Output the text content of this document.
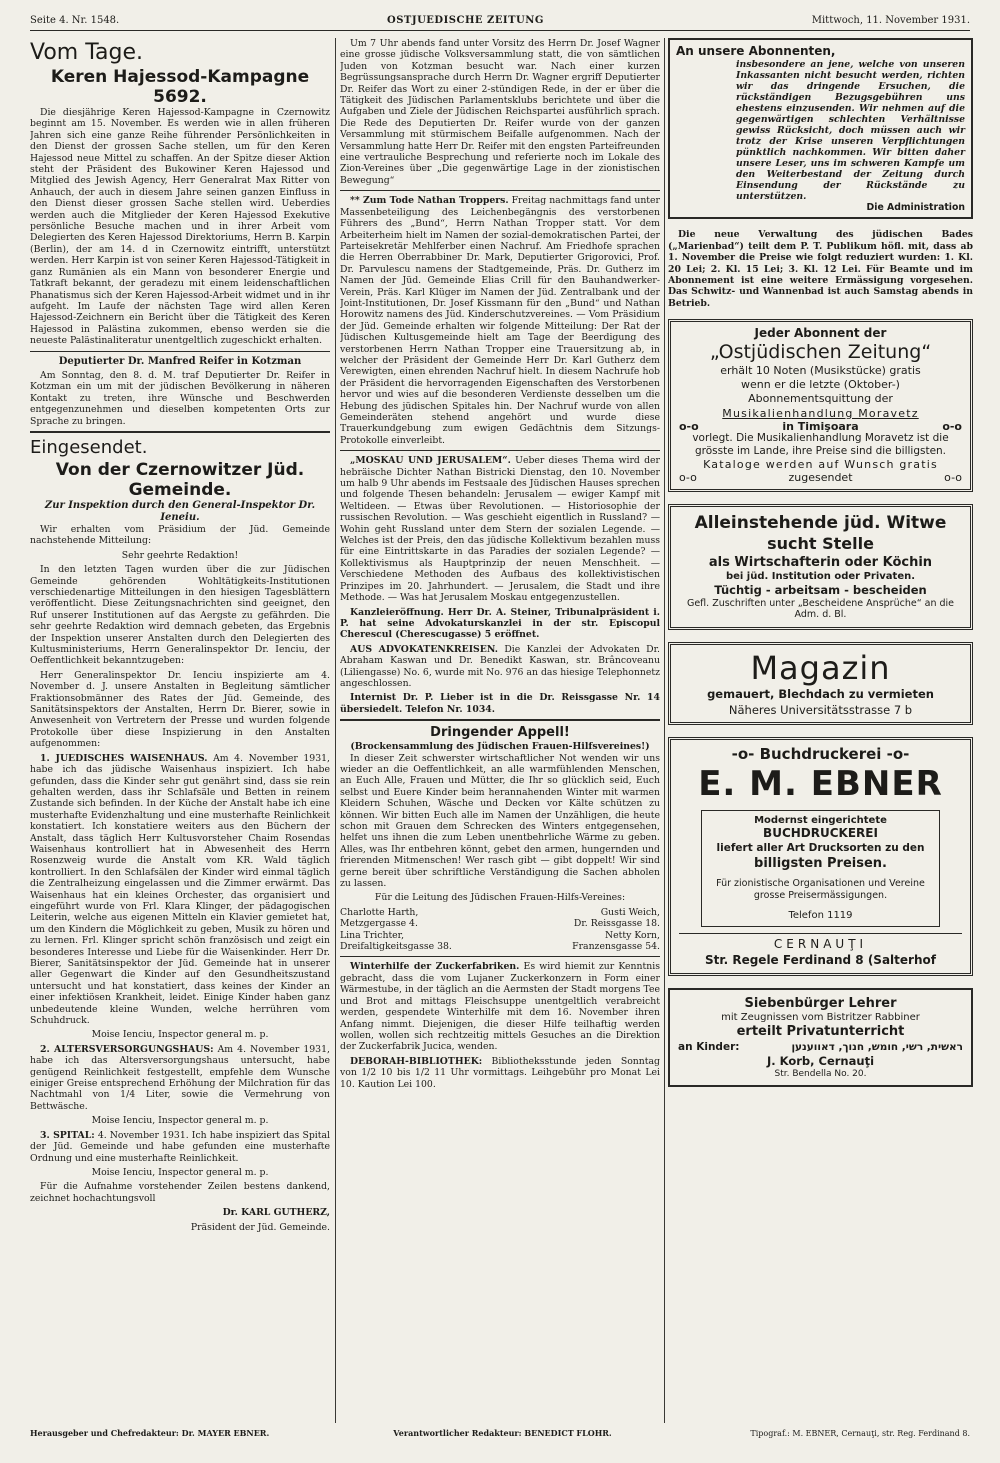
Seite 4. Nr. 1548.	OSTJUEDISCHE ZEITUNG	Mittwoch, 11. November 1931.
Vom Tage.
Keren Hajessod-Kampagne 5692.

Die diesjährige Keren Hajessod-Kampagne in Czernowitz beginnt am 15. November. Es werden wie in allen früheren Jahren sich eine ganze Reihe führender Persönlichkeiten in den Dienst der grossen Sache stellen, um für den Keren Hajessod neue Mittel zu schaffen. An der Spitze dieser Aktion steht der Präsident des Bukowiner Keren Hajessod und Mitglied des Jewish Agency, Herr Generalrat Max Ritter von Anhauch, der auch in diesem Jahre seinen ganzen Einfluss in den Dienst dieser grossen Sache stellen wird. Ueberdies werden auch die Mitglieder der Keren Hajessod Exekutive persönliche Besuche machen und in ihrer Arbeit vom Delegierten des Keren Hajessod Direktoriums, Herrn B. Karpin (Berlin), der am 14. d in Czernowitz eintrifft, unterstützt werden. Herr Karpin ist von seiner Keren Hajessod-Tätigkeit in ganz Rumänien als ein Mann von besonderer Energie und Tatkraft bekannt, der geradezu mit einem leidenschaftlichen Phanatismus sich der Keren Hajessod-Arbeit widmet und in ihr aufgeht. Im Laufe der nächsten Tage wird allen Keren Hajessod-Zeichnern ein Bericht über die Tätigkeit des Keren Hajessod in Palästina zukommen, ebenso werden sie die neueste Palästinaliteratur unentgeltlich zugeschickt erhalten.

Deputierter Dr. Manfred Reifer in Kotzman

Am Sonntag, den 8. d. M. traf Deputierter Dr. Reifer in Kotzman ein um mit der jüdischen Bevölkerung in näheren Kontakt zu treten, ihre Wünsche und Beschwerden entgegenzunehmen und dieselben kompetenten Orts zur Sprache zu bringen.

Eingesendet.
Von der Czernowitzer Jüd. Gemeinde.
Zur Inspektion durch den General-Inspektor Dr. Ieneiu.

Wir erhalten vom Präsidium der Jüd. Gemeinde nachstehende Mitteilung:

Sehr geehrte Redaktion!

In den letzten Tagen wurden über die zur Jüdischen Gemeinde gehörenden Wohltätigkeits-Institutionen verschiedenartige Mitteilungen in den hiesigen Tagesblättern veröffentlicht. Diese Zeitungsnachrichten sind geeignet, den Ruf unserer Institutionen auf das Aergste zu gefährden. Die sehr geehrte Redaktion wird demnach gebeten, das Ergebnis der Inspektion unserer Anstalten durch den Delegierten des Kultusministeriums, Herrn Generalinspektor Dr. Ienciu, der Oeffentlichkeit bekanntzugeben:

Herr Generalinspektor Dr. Ienciu inspizierte am 4. November d. J. unsere Anstalten in Begleitung sämtlicher Fraktionsobmänner des Rates der Jüd. Gemeinde, des Sanitätsinspektors der Anstalten, Herrn Dr. Bierer, sowie in Anwesenheit von Vertretern der Presse und wurden folgende Protokolle über diese Inspizierung in den Anstalten aufgenommen:

1. JUEDISCHES WAISENHAUS. Am 4. November 1931, habe ich das jüdische Waisenhaus inspiziert. Ich habe gefunden, dass die Kinder sehr gut genährt sind, dass sie rein gehalten werden, dass ihr Schlafsäle und Betten in reinem Zustande sich befinden. In der Küche der Anstalt habe ich eine musterhafte Evidenzhaltung und eine musterhafte Reinlichkeit konstatiert. Ich konstatiere weiters aus den Büchern der Anstalt, dass täglich Herr Kultusvorsteher Chaim Rosendas Waisenhaus kontrolliert hat in Abwesenheit des Herrn Rosenzweig wurde die Anstalt vom KR. Wald täglich kontrolliert. In den Schlafsälen der Kinder wird einmal täglich die Zentralheizung eingelassen und die Zimmer erwärmt. Das Waisenhaus hat ein kleines Orchester, das organisiert und eingeführt wurde von Frl. Klara Klinger, der pädagogischen Leiterin, welche aus eigenen Mitteln ein Klavier gemietet hat, um den Kindern die Möglichkeit zu geben, Musik zu hören und zu lernen. Frl. Klinger spricht schön französisch und zeigt ein besonderes Interesse und Liebe für die Waisenkinder. Herr Dr. Bierer, Sanitätsinspektor der Jüd. Gemeinde hat in unserer aller Gegenwart die Kinder auf den Gesundheitszustand untersucht und hat konstatiert, dass keines der Kinder an einer infektiösen Krankheit, leidet. Einige Kinder haben ganz unbedeutende kleine Wunden, welche herrühren vom Schuhdruck.

Moise Ienciu, Inspector general m. p.

2. ALTERSVERSORGUNGSHAUS: Am 4. November 1931, habe ich das Altersversorgungshaus untersucht, habe genügend Reinlichkeit festgestellt, empfehle dem Wunsche einiger Greise entsprechend Erhöhung der Milchration für das Nachtmahl von 1/4 Liter, sowie die Vermehrung von Bettwäsche.

Moise Ienciu, Inspector general m. p.

3. SPITAL: 4. November 1931. Ich habe inspiziert das Spital der Jüd. Gemeinde und habe gefunden eine musterhafte Ordnung und eine musterhafte Reinlichkeit.

Moise Ienciu, Inspector general m. p.

Für die Aufnahme vorstehender Zeilen bestens dankend, zeichnet hochachtungsvoll

Dr. KARL GUTHERZ,

Präsident der Jüd. Gemeinde.

Um 7 Uhr abends fand unter Vorsitz des Herrn Dr. Josef Wagner eine grosse jüdische Volksversammlung statt, die von sämtlichen Juden von Kotzman besucht war. Nach einer kurzen Begrüssungsansprache durch Herrn Dr. Wagner ergriff Deputierter Dr. Reifer das Wort zu einer 2-stündigen Rede, in der er über die Tätigkeit des Jüdischen Parlamentsklubs berichtete und über die Aufgaben und Ziele der Jüdischen Reichspartei ausführlich sprach. Die Rede des Deputierten Dr. Reifer wurde von der ganzen Versammlung mit stürmischem Beifalle aufgenommen. Nach der Versammlung hatte Herr Dr. Reifer mit den engsten Parteifreunden eine vertrauliche Besprechung und referierte noch im Lokale des Zion-Vereines über „Die gegenwärtige Lage in der zionistischen Bewegung“

** Zum Tode Nathan Troppers. Freitag nachmittags fand unter Massenbeteiligung des Leichenbegängnis des verstorbenen Führers des „Bund“, Herrn Nathan Tropper statt. Vor dem Arbeiterheim hielt im Namen der sozial-demokratischen Partei, der Parteisekretär Mehlferber einen Nachruf. Am Friedhofe sprachen die Herren Oberrabbiner Dr. Mark, Deputierter Grigorovici, Prof. Dr. Parvulescu namens der Stadtgemeinde, Präs. Dr. Gutherz im Namen der Jüd. Gemeinde Elias Crill für den Bauhandwerker-Verein, Präs. Karl Klüger im Namen der Jüd. Zentralbank und der Joint-Institutionen, Dr. Josef Kissmann für den „Bund“ und Nathan Horowitz namens des Jüd. Kinderschutzvereines. — Vom Präsidium der Jüd. Gemeinde erhalten wir folgende Mitteilung: Der Rat der Jüdischen Kultusgemeinde hielt am Tage der Beerdigung des verstorbenen Herrn Nathan Tropper eine Trauersitzung ab, in welcher der Präsident der Gemeinde Herr Dr. Karl Gutherz dem Verewigten, einen ehrenden Nachruf hielt. In diesem Nachrufe hob der Präsident die hervorragenden Eigenschaften des Verstorbenen hervor und wies auf die besonderen Verdienste desselben um die Hebung des jüdischen Spitales hin. Der Nachruf wurde von allen Gemeinderäten stehend angehört und wurde diese Trauerkundgebung zum ewigen Gedächtnis dem Sitzungs-Protokolle einverleibt.

„MOSKAU UND JERUSALEM“. Ueber dieses Thema wird der hebräische Dichter Nathan Bistricki Dienstag, den 10. November um halb 9 Uhr abends im Festsaale des Jüdischen Hauses sprechen und folgende Thesen behandeln: Jerusalem — ewiger Kampf mit Weltideen. — Etwas über Revolutionen. — Historiosophie der russischen Revolution. — Was geschieht eigentlich in Russland? — Wohin geht Russland unter dem Stern der sozialen Legende. — Welches ist der Preis, den das jüdische Kollektivum bezahlen muss für eine Eintrittskarte in das Paradies der sozialen Legende? — Kollektivismus als Hauptprinzip der neuen Menschheit. — Verschiedene Methoden des Aufbaus des kollektivistischen Prinzipes im 20. Jahrhundert. — Jerusalem, die Stadt und ihre Methode. — Was hat Jerusalem Moskau entgegenzustellen.

Kanzleieröffnung. Herr Dr. A. Steiner, Tribunalpräsident i. P. hat seine Advokaturskanzlei in der str. Episcopul Cherescul (Cherescugasse) 5 eröffnet.

AUS ADVOKATENKREISEN. Die Kanzlei der Advokaten Dr. Abraham Kaswan und Dr. Benedikt Kaswan, str. Brâncoveanu (Liliengasse) No. 6, wurde mit No. 976 an das hiesige Telephonnetz angeschlossen.

Internist Dr. P. Lieber ist in die Dr. Reissgasse Nr. 14 übersiedelt. Telefon Nr. 1034.

Dringender Appell!
(Brockensammlung des Jüdischen Frauen-Hilfsvereines!)

In dieser Zeit schwerster wirtschaftlicher Not wenden wir uns wieder an die Oeffentlichkeit, an alle warmfühlenden Menschen, an Euch Alle, Frauen und Mütter, die Ihr so glücklich seid, Euch selbst und Euere Kinder beim herannahenden Winter mit warmen Kleidern Schuhen, Wäsche und Decken vor Kälte schützen zu können. Wir bitten Euch alle im Namen der Unzähligen, die heute schon mit Grauen dem Schrecken des Winters entgegensehen, helfet uns ihnen die zum Leben unentbehrliche Wärme zu geben. Alles, was Ihr entbehren könnt, gebet den armen, hungernden und frierenden Mitmenschen! Wer rasch gibt — gibt doppelt! Wir sind gerne bereit über schriftliche Verständigung die Sachen abholen zu lassen.

Für die Leitung des Jüdischen Frauen-Hilfs-Vereines:

Charlotte Harth,	Gusti Weich,
Metzgergasse 4.	Dr. Reissgasse 18.
Lina Trichter,	Netty Korn,
Dreifaltigkeitsgasse 38.	Franzensgasse 54.

Winterhilfe der Zuckerfabriken. Es wird hiemit zur Kenntnis gebracht, dass die vom Lujaner Zuckerkonzern in Form einer Wärmestube, in der täglich an die Aermsten der Stadt morgens Tee und Brot and mittags Fleischsuppe unentgeltlich verabreicht werden, gespendete Winterhilfe mit dem 16. November ihren Anfang nimmt. Diejenigen, die dieser Hilfe teilhaftig werden wollen, wollen sich rechtzeitig mittels Gesuches an die Direktion der Zuckerfabrik Jucica, wenden.

DEBORAH-BIBLIOTHEK: Bibliotheksstunde jeden Sonntag von 1/2 10 bis 1/2 11 Uhr vormittags. Leihgebühr pro Monat Lei 10. Kaution Lei 100.

An unsere Abonnenten,
insbesondere an jene, welche von unseren Inkassanten nicht besucht werden, richten wir das dringende Ersuchen, die rückständigen Bezugsgebühren uns ehestens einzusenden. Wir nehmen auf die gegenwärtigen schlechten Verhältnisse gewiss Rücksicht, doch müssen auch wir trotz der Krise unseren Verpflichtungen pünktlich nachkommen. Wir bitten daher unsere Leser, uns im schweren Kampfe um den Weiterbestand der Zeitung durch Einsendung der Rückstände zu unterstützen.
Die Administration

Die neue Verwaltung des jüdischen Bades („Marienbad“) teilt dem P. T. Publikum höfl. mit, dass ab 1. November die Preise wie folgt reduziert wurden: 1. Kl. 20 Lei; 2. Kl. 15 Lei; 3. Kl. 12 Lei. Für Beamte und im Abonnement ist eine weitere Ermässigung vorgesehen. Das Schwitz- und Wannenbad ist auch Samstag abends in Betrieb.

Jeder Abonnent der
„Ostjüdischen Zeitung“
erhält 10 Noten (Musikstücke) gratis
wenn er die letzte (Oktober-) Abonnementsquittung der
Musikalienhandlung Moravetz
o-o	in Timişoara	o-o
vorlegt. Die Musikalienhandlung Moravetz ist die grösste im Lande, ihre Preise sind die billigsten.
Kataloge werden auf Wunsch gratis
o-o	zugesendet	o-o
Alleinstehende jüd. Witwe
sucht Stelle
als Wirtschafterin oder Köchin
bei jüd. Institution oder Privaten.
Tüchtig - arbeitsam - bescheiden
Gefl. Zuschriften unter „Bescheidene Ansprüche“ an die Adm. d. Bl.
Magazin
gemauert, Blechdach zu vermieten
Näheres Universitätsstrasse 7 b
-o- Buchdruckerei -o-
E. M. EBNER
Modernst eingerichtete
BUCHDRUCKEREI
liefert aller Art Drucksorten zu den
billigsten Preisen.
Für zionistische Organisationen und Vereine grosse Preisermässigungen.
Telefon 1119
CERNAUŢI
Str. Regele Ferdinand 8 (Salterhof
Siebenbürger Lehrer
mit Zeugnissen vom Bistritzer Rabbiner
erteilt Privatunterricht
an Kinder:	ראשית, רשי, חומש, חנוך, דאווענען
J. Korb, Cernauţi
Str. Bendella No. 20.
Herausgeber und Chefredakteur: Dr. MAYER EBNER.	Verantwortlicher Redakteur: BENEDICT FLOHR.	Tipograf.: M. EBNER, Cernauţi, str. Reg. Ferdinand 8.
